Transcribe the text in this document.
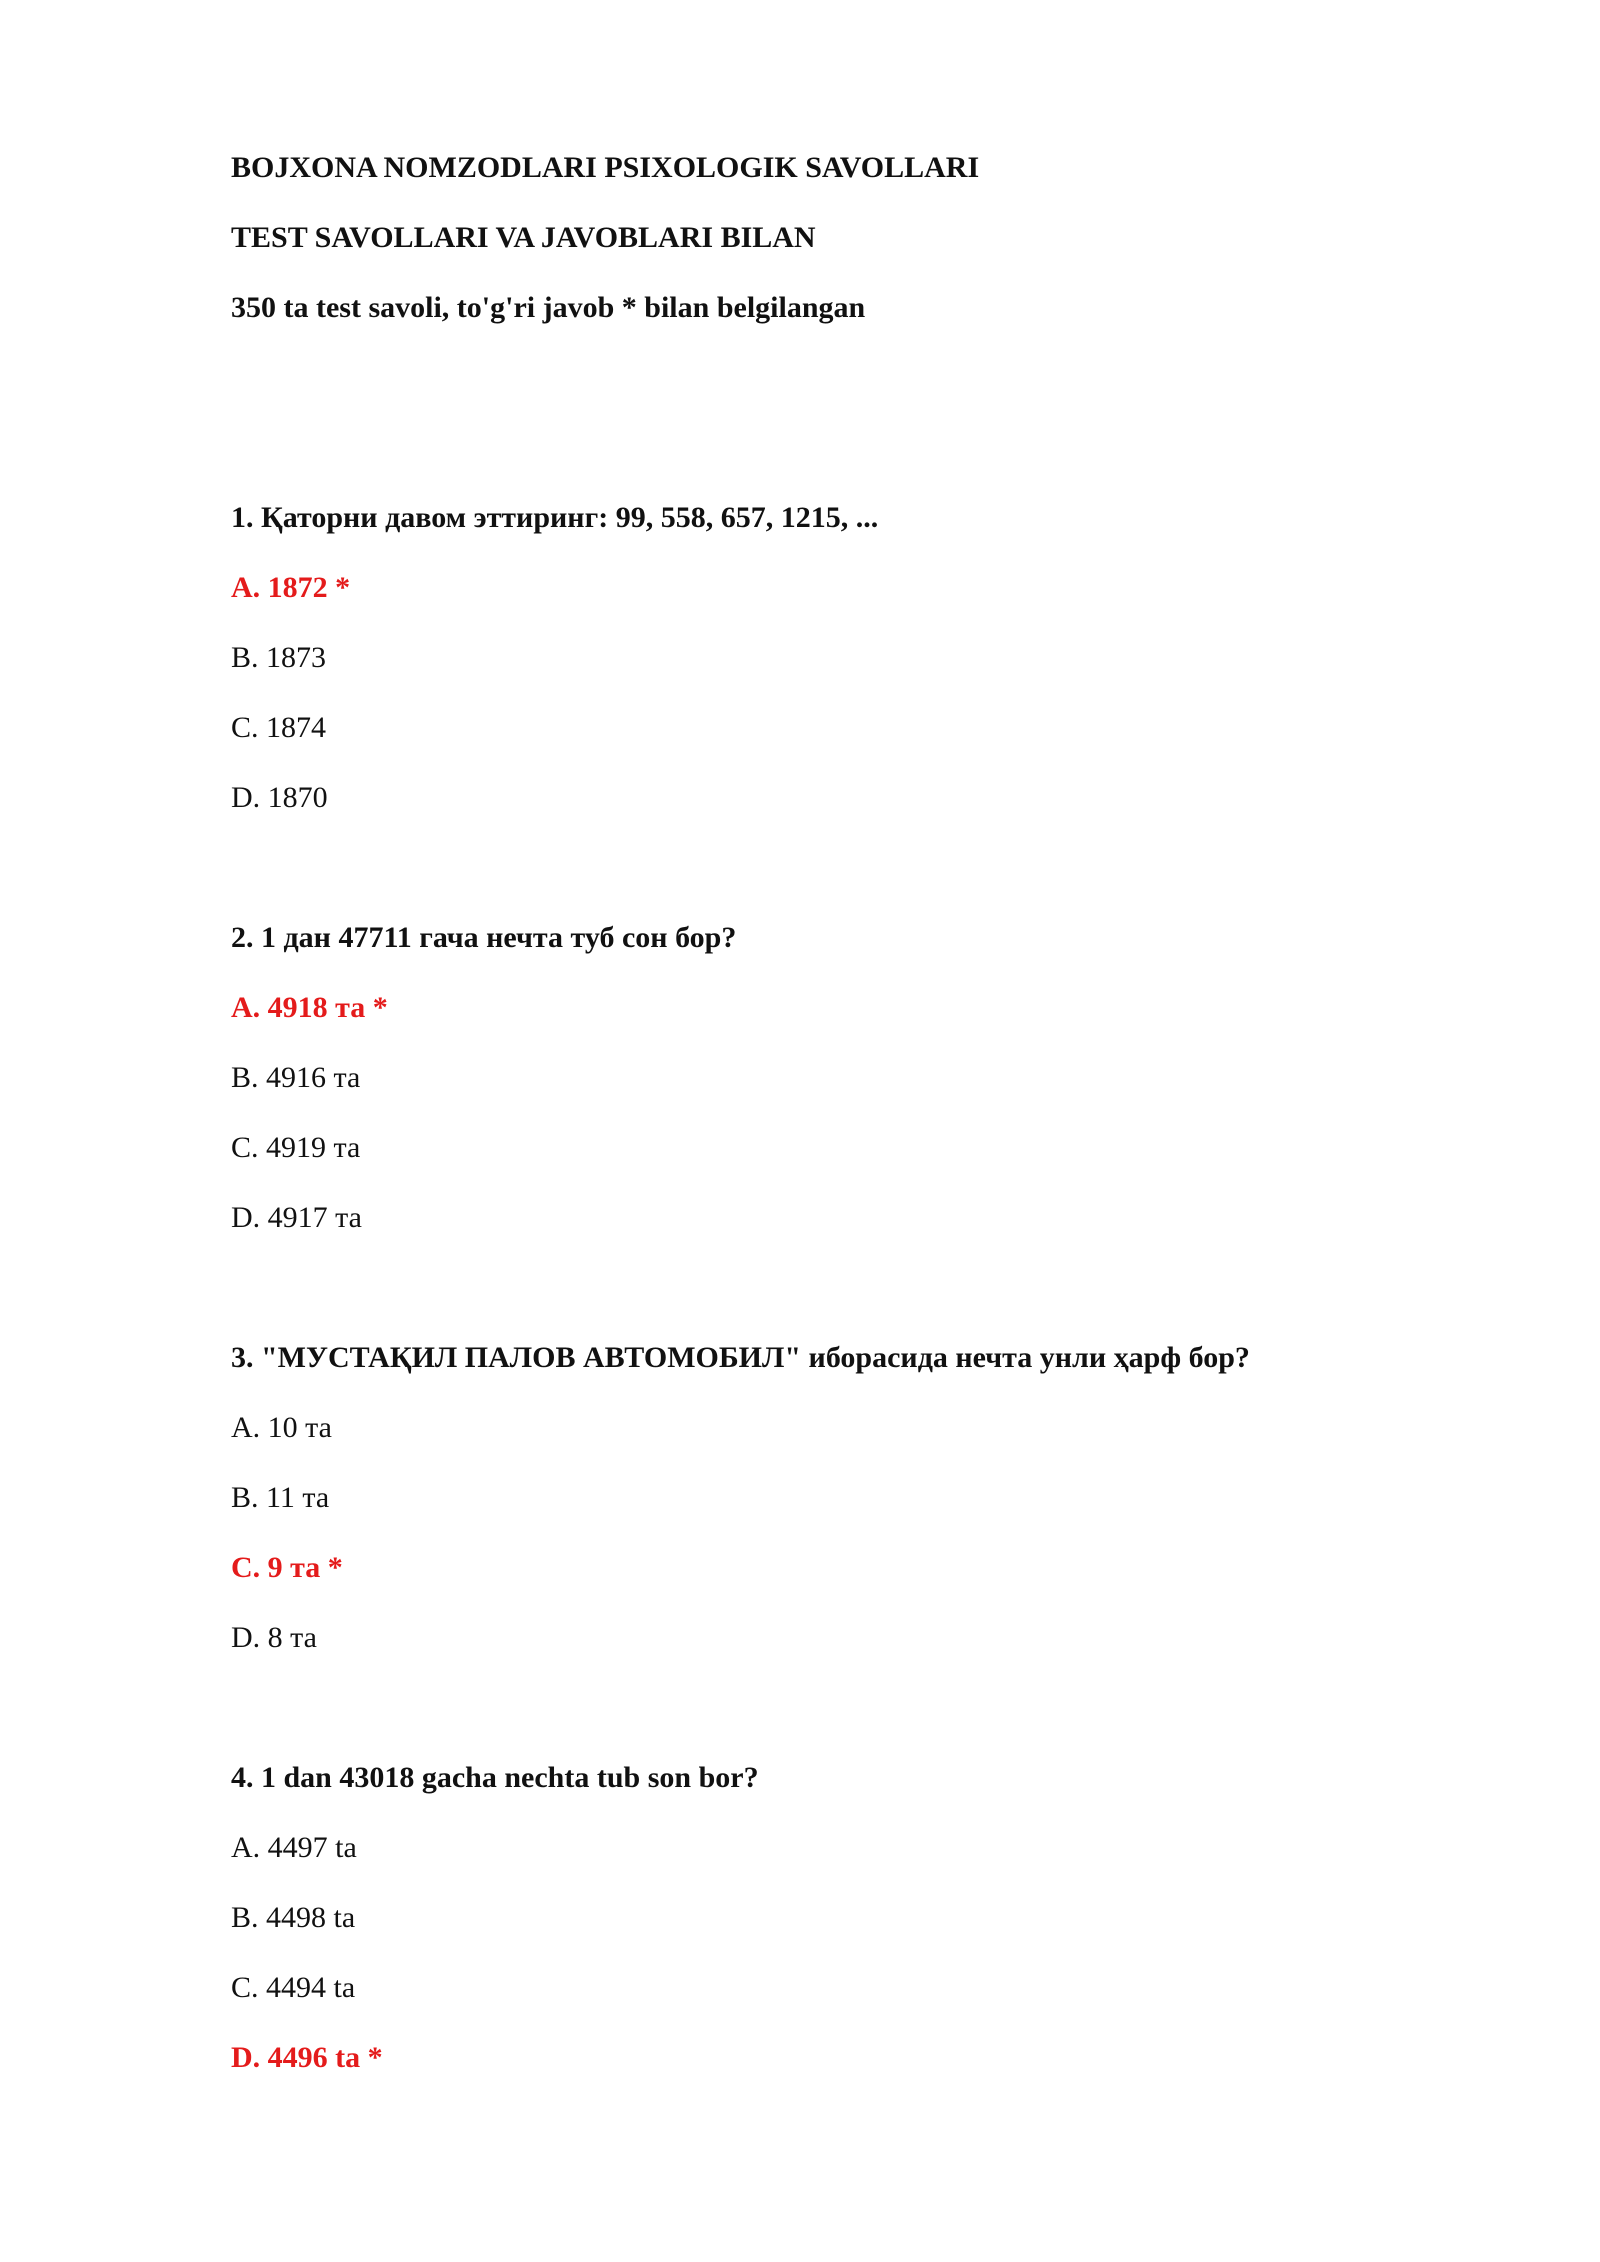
BOJXONA NOMZODLARI PSIXOLOGIK SAVOLLARI
TEST SAVOLLARI VA JAVOBLARI BILAN
350 ta test savoli, to'g'ri javob * bilan belgilangan
1. Қаторни давом эттиринг: 99, 558, 657, 1215, ...
A. 1872 *
B. 1873
C. 1874
D. 1870
2. 1 дан 47711 гача нечта туб сон бор?
A. 4918 та *
B. 4916 та
C. 4919 та
D. 4917 та
3. "МУСТАҚИЛ ПАЛОВ АВТОМОБИЛ" иборасида нечта унли ҳарф бор?
A. 10 та
B. 11 та
C. 9 та *
D. 8 та
4. 1 dan 43018 gacha nechta tub son bor?
A. 4497 ta
B. 4498 ta
C. 4494 ta
D. 4496 ta *
